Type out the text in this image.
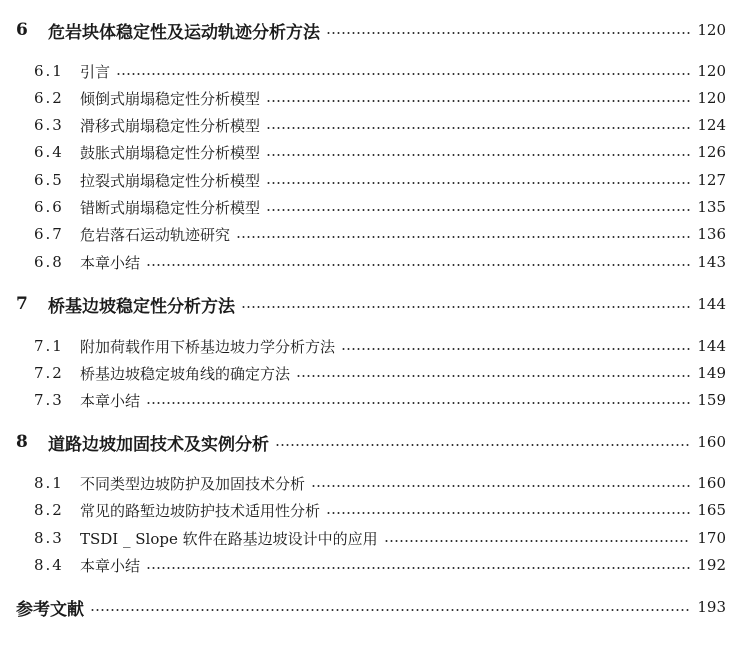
6	危岩块体稳定性及运动轨迹分析方法	120
6.1	引言	120
6.2	倾倒式崩塌稳定性分析模型	120
6.3	滑移式崩塌稳定性分析模型	124
6.4	鼓胀式崩塌稳定性分析模型	126
6.5	拉裂式崩塌稳定性分析模型	127
6.6	错断式崩塌稳定性分析模型	135
6.7	危岩落石运动轨迹研究	136
6.8	本章小结	143
7	桥基边坡稳定性分析方法	144
7.1	附加荷载作用下桥基边坡力学分析方法	144
7.2	桥基边坡稳定坡角线的确定方法	149
7.3	本章小结	159
8	道路边坡加固技术及实例分析	160
8.1	不同类型边坡防护及加固技术分析	160
8.2	常见的路堑边坡防护技术适用性分析	165
8.3	TSDI _ Slope 软件在路基边坡设计中的应用	170
8.4	本章小结	192
参考文献	193
